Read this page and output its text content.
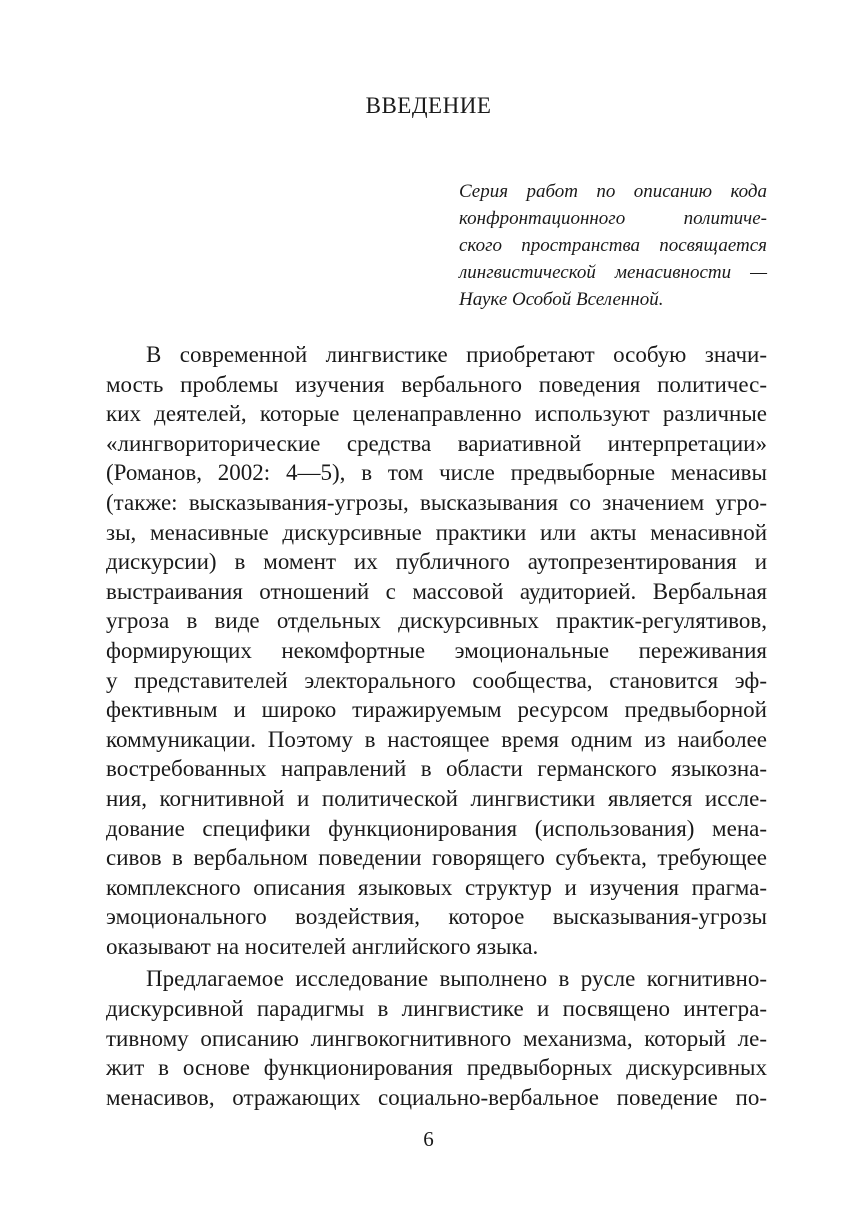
ВВЕДЕНИЕ
Серия работ по описанию кода
конфронтационного политиче-
ского пространства посвящается
лингвистической менасивности —
Науке Особой Вселенной.
В современной лингвистике приобретают особую значи-
мость проблемы изучения вербального поведения политичес-
ких деятелей, которые целенаправленно используют различные
«лингвориторические средства вариативной интерпретации»
(Романов, 2002: 4—5), в том числе предвыборные менасивы
(также: высказывания-угрозы, высказывания со значением угро-
зы, менасивные дискурсивные практики или акты менасивной
дискурсии) в момент их публичного аутопрезентирования и
выстраивания отношений с массовой аудиторией. Вербальная
угроза в виде отдельных дискурсивных практик-регулятивов,
формирующих некомфортные эмоциональные переживания
у представителей электорального сообщества, становится эф-
фективным и широко тиражируемым ресурсом предвыборной
коммуникации. Поэтому в настоящее время одним из наиболее
востребованных направлений в области германского языкозна-
ния, когнитивной и политической лингвистики является иссле-
дование специфики функционирования (использования) мена-
сивов в вербальном поведении говорящего субъекта, требующее
комплексного описания языковых структур и изучения прагма-
эмоционального воздействия, которое высказывания-угрозы
оказывают на носителей английского языка.
Предлагаемое исследование выполнено в русле когнитивно-
дискурсивной парадигмы в лингвистике и посвящено интегра-
тивному описанию лингвокогнитивного механизма, который ле-
жит в основе функционирования предвыборных дискурсивных
менасивов, отражающих социально-вербальное поведение по-
6
